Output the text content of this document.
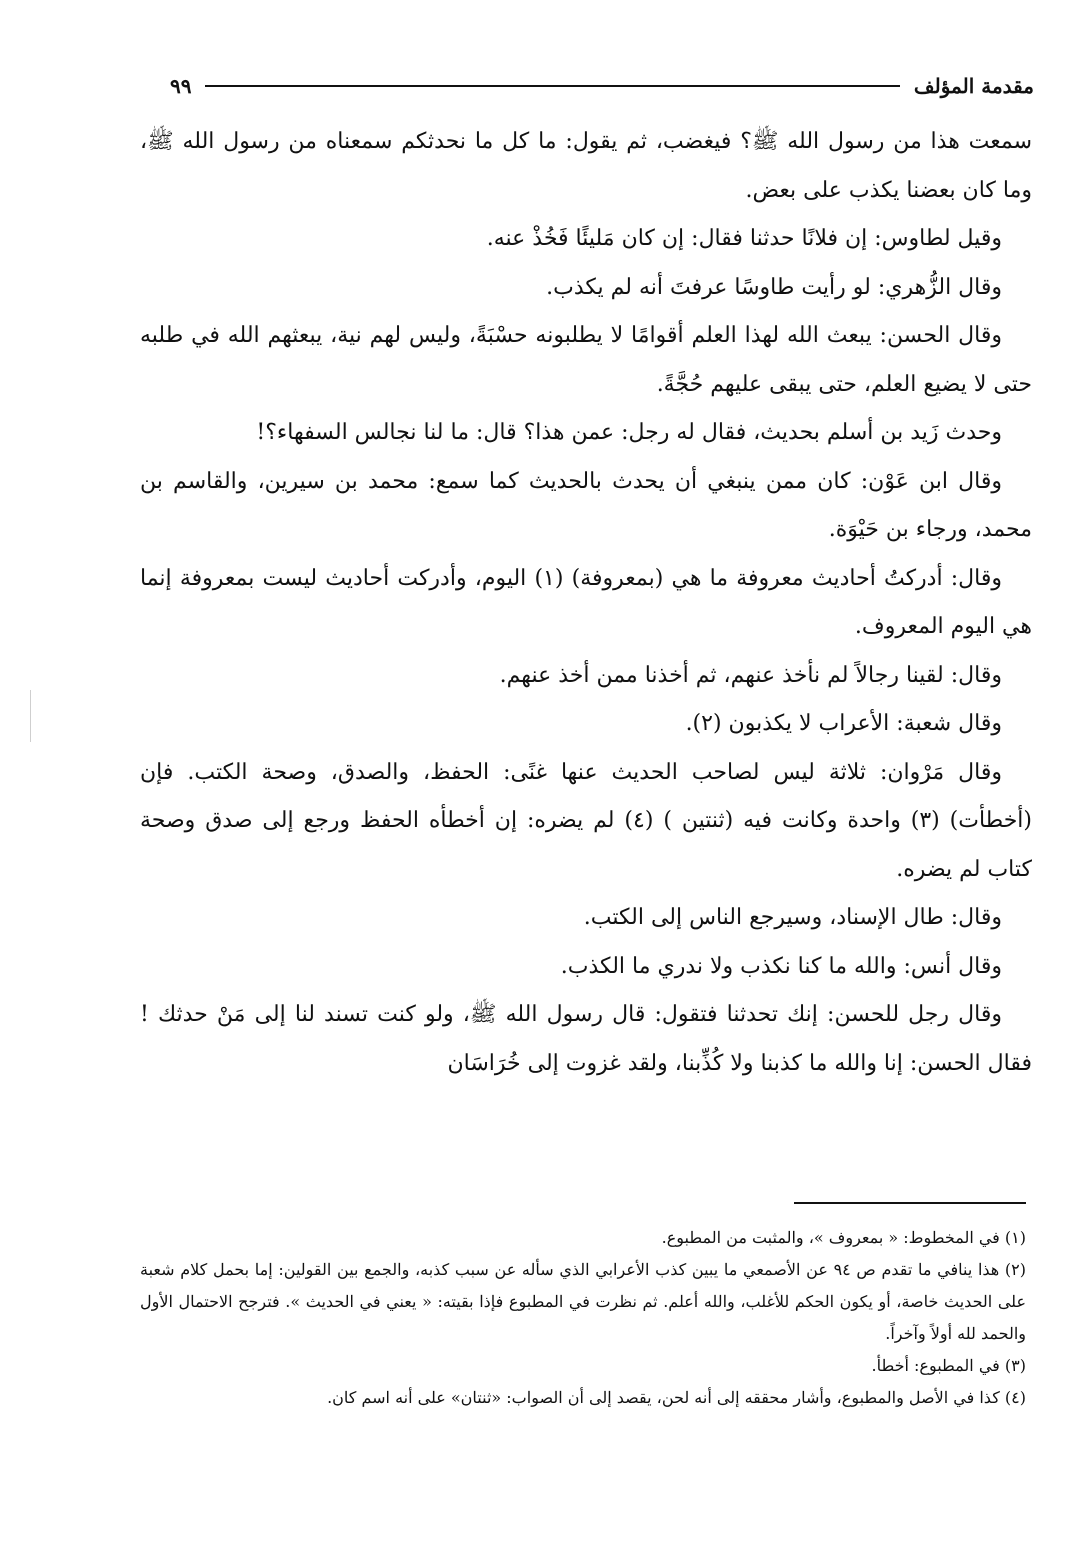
مقدمة المؤلف
٩٩

سمعت هذا من رسول الله ﷺ؟ فيغضب، ثم يقول: ما كل ما نحدثكم سمعناه من رسول الله ﷺ، وما كان بعضنا يكذب على بعض.

وقيل لطاوس: إن فلانًا حدثنا فقال: إن كان مَليئًا فَخُذْ عنه.

وقال الزُّهري: لو رأيت طاوسًا عرفتَ أنه لم يكذب.

وقال الحسن: يبعث الله لهذا العلم أقوامًا لا يطلبونه حسْبَةً، وليس لهم نية، يبعثهم الله في طلبه حتى لا يضيع العلم، حتى يبقى عليهم حُجَّةً.

وحدث زَيد بن أسلم بحديث، فقال له رجل: عمن هذا؟ قال: ما لنا نجالس السفهاء؟!

وقال ابن عَوْن: كان ممن ينبغي أن يحدث بالحديث كما سمع: محمد بن سيرين، والقاسم بن محمد، ورجاء بن حَيْوَة.

وقال: أدركتُ أحاديث معروفة ما هي (بمعروفة) (١) اليوم، وأدركت أحاديث ليست بمعروفة إنما هي اليوم المعروف.

وقال: لقينا رجالاً لم نأخذ عنهم، ثم أخذنا ممن أخذ عنهم.

وقال شعبة: الأعراب لا يكذبون (٢).

وقال مَرْوان: ثلاثة ليس لصاحب الحديث عنها غنًى: الحفظ، والصدق، وصحة الكتب. فإن (أخطأت) (٣) واحدة وكانت فيه (ثنتين ) (٤) لم يضره: إن أخطأه الحفظ ورجع إلى صدق وصحة كتاب لم يضره.

وقال: طال الإسناد، وسيرجع الناس إلى الكتب.

وقال أنس: والله ما كنا نكذب ولا ندري ما الكذب.

وقال رجل للحسن: إنك تحدثنا فتقول: قال رسول الله ﷺ، ولو كنت تسند لنا إلى مَنْ حدثك ! فقال الحسن: إنا والله ما كذبنا ولا كُذِّبنا، ولقد غزوت إلى خُرَاسَان

(١) في المخطوط: « بمعروف »، والمثبت من المطبوع.

(٢) هذا ينافي ما تقدم ص ٩٤ عن الأصمعي ما يبين كذب الأعرابي الذي سأله عن سبب كذبه، والجمع بين القولين: إما بحمل كلام شعبة على الحديث خاصة، أو يكون الحكم للأغلب، والله أعلم. ثم نظرت في المطبوع فإذا بقيته: « يعني في الحديث ». فترجح الاحتمال الأول والحمد لله أولاً وآخراً.

(٣) في المطبوع: أخطأ.

(٤) كذا في الأصل والمطبوع، وأشار محققه إلى أنه لحن، يقصد إلى أن الصواب: «ثنتان» على أنه اسم كان.
